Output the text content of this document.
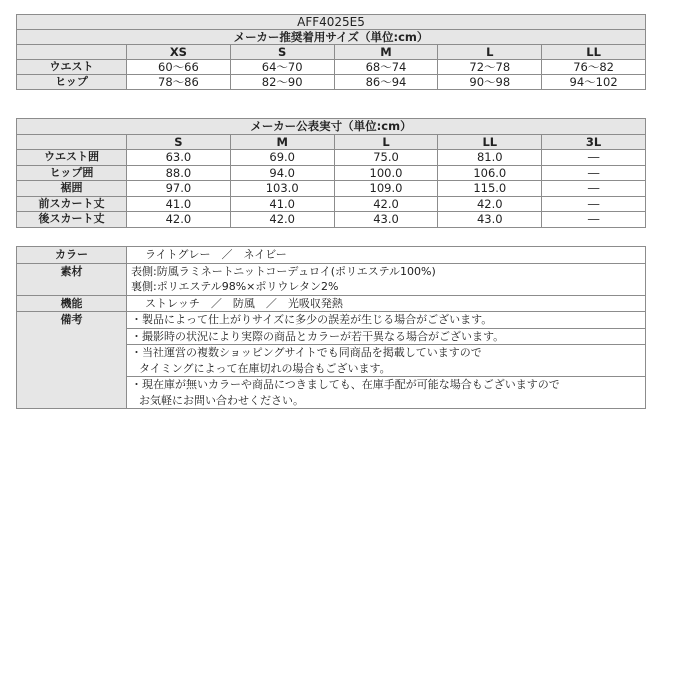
AFF4025E5					
メーカー推奨着用サイズ（単位:cm）					
	XS	S	M	L	LL
ウエスト	60～66	64～70	68～74	72～78	76～82
ヒップ	78～86	82～90	86～94	90～98	94～102
メーカー公表実寸（単位:cm）					
	S	M	L	LL	3L
ウエスト囲	63.0	69.0	75.0	81.0	―
ヒップ囲	88.0	94.0	100.0	106.0	―
裾囲	97.0	103.0	109.0	115.0	―
前スカート丈	41.0	41.0	42.0	42.0	―
後スカート丈	42.0	42.0	43.0	43.0	―
カラー	ライトグレー　／　ネイビー
素材	表側:防風ラミネートニットコーデュロイ(ポリエステル100%)
裏側:ポリエステル98%×ポリウレタン2%

機能	ストレッチ　／　防風　／　光吸収発熱
備考	・製品によって仕上がりサイズに多少の誤差が生じる場合がございます。

	・撮影時の状況により実際の商品とカラーが若干異なる場合がございます。

	・当社運営の複数ショッピングサイトでも同商品を掲載していますので
タイミングによって在庫切れの場合もございます。

	・現在庫が無いカラーや商品につきましても、在庫手配が可能な場合もございますので
お気軽にお問い合わせください。
